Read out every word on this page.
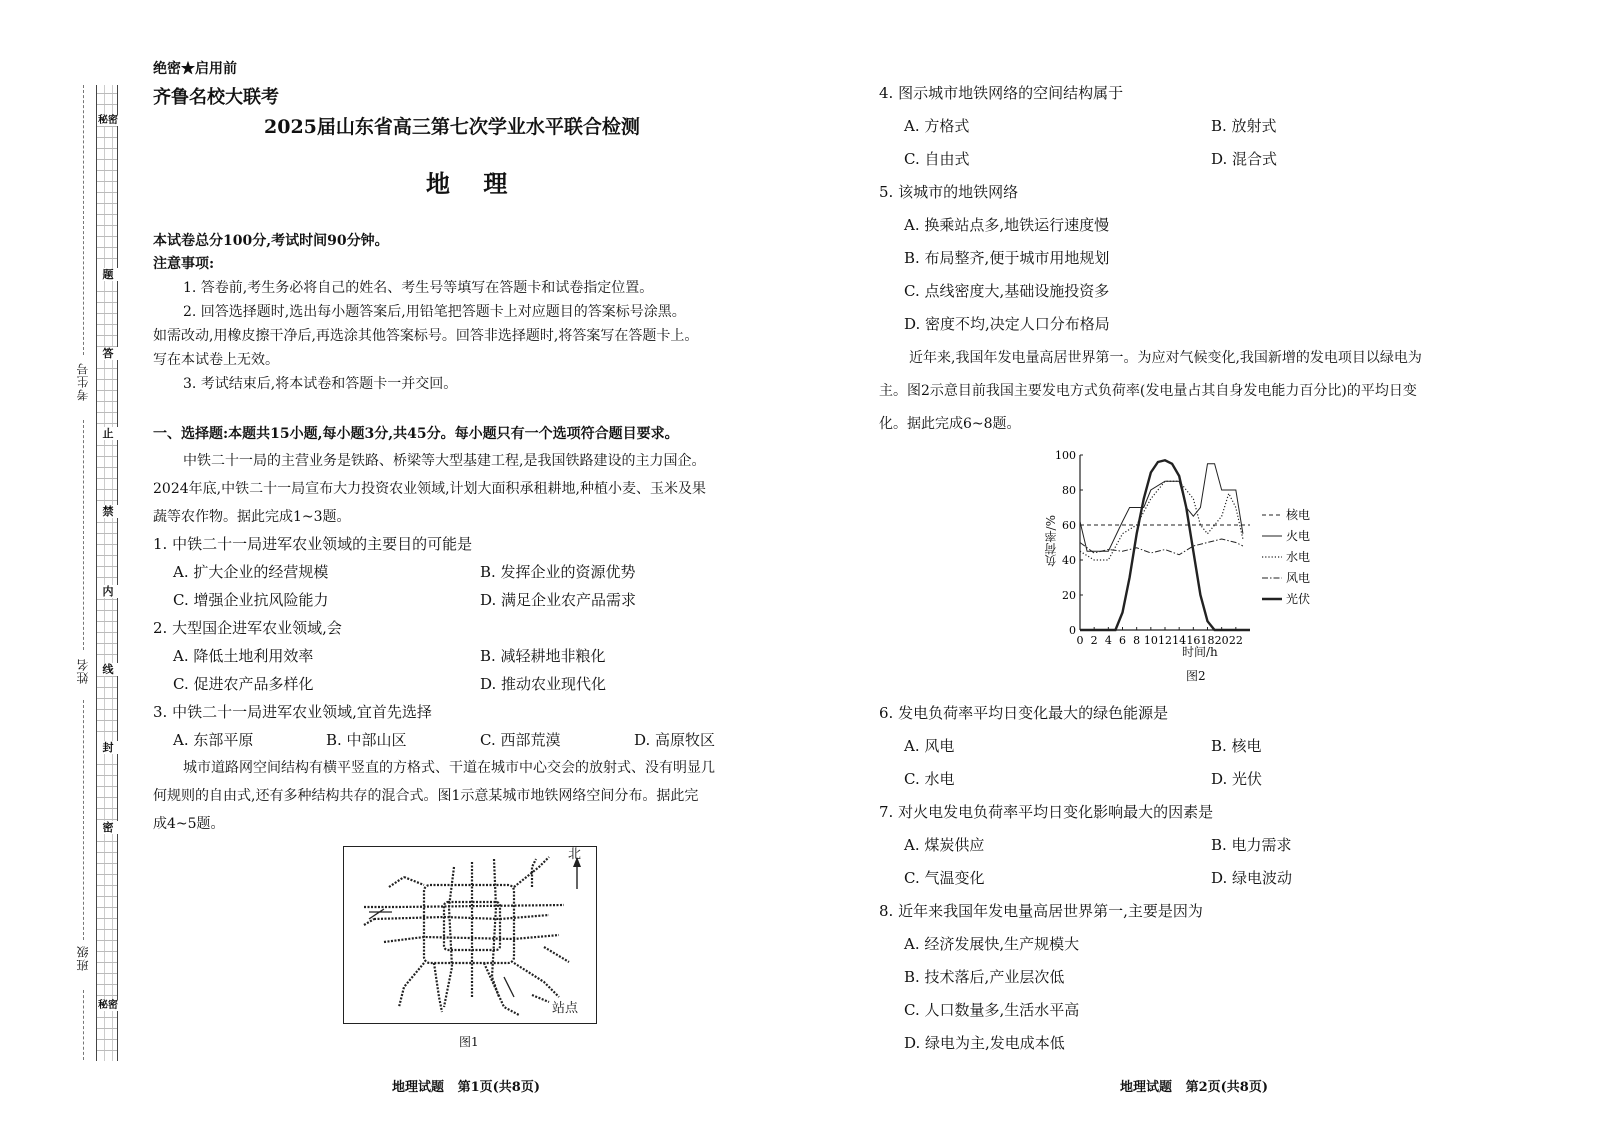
秘密
题
答
止
禁
内
线
封
密
秘密
考生号
姓名
班级
绝密★启用前
齐鲁名校大联考
2025届山东省高三第七次学业水平联合检测
地    理
本试卷总分100分,考试时间90分钟。
注意事项:
1. 答卷前,考生务必将自己的姓名、考生号等填写在答题卡和试卷指定位置。
2. 回答选择题时,选出每小题答案后,用铅笔把答题卡上对应题目的答案标号涂黑。
如需改动,用橡皮擦干净后,再选涂其他答案标号。回答非选择题时,将答案写在答题卡上。
写在本试卷上无效。
3. 考试结束后,将本试卷和答题卡一并交回。
一、选择题:本题共15小题,每小题3分,共45分。每小题只有一个选项符合题目要求。
中铁二十一局的主营业务是铁路、桥梁等大型基建工程,是我国铁路建设的主力国企。
2024年底,中铁二十一局宣布大力投资农业领域,计划大面积承租耕地,种植小麦、玉米及果
蔬等农作物。据此完成1~3题。
1. 中铁二十一局进军农业领域的主要目的可能是
A. 扩大企业的经营规模	B. 发挥企业的资源优势
C. 增强企业抗风险能力	D. 满足企业农产品需求
2. 大型国企进军农业领域,会
A. 降低土地利用效率	B. 减轻耕地非粮化
C. 促进农产品多样化	D. 推动农业现代化
3. 中铁二十一局进军农业领域,宜首先选择
A. 东部平原	B. 中部山区	C. 西部荒漠	D. 高原牧区
城市道路网空间结构有横平竖直的方格式、干道在城市中心交会的放射式、没有明显几
何规则的自由式,还有多种结构共存的混合式。图1示意某城市地铁网络空间分布。据此完
成4~5题。
北
站点
图1
地理试题   第1页(共8页)
4. 图示城市地铁网络的空间结构属于
A. 方格式	B. 放射式
C. 自由式	D. 混合式
5. 该城市的地铁网络
A. 换乘站点多,地铁运行速度慢
B. 布局整齐,便于城市用地规划
C. 点线密度大,基础设施投资多
D. 密度不均,决定人口分布格局
近年来,我国年发电量高居世界第一。为应对气候变化,我国新增的发电项目以绿电为
主。图2示意目前我国主要发电方式负荷率(发电量占其自身发电能力百分比)的平均日变
化。据此完成6~8题。
0
20
40
60
80
100
0 2 4 6 8 10 12 14 16 18 20 22
核电
火电
水电
风电
光伏
负荷率/%
时间/h
图2
6. 发电负荷率平均日变化最大的绿色能源是
A. 风电	B. 核电
C. 水电	D. 光伏
7. 对火电发电负荷率平均日变化影响最大的因素是
A. 煤炭供应	B. 电力需求
C. 气温变化	D. 绿电波动
8. 近年来我国年发电量高居世界第一,主要是因为
A. 经济发展快,生产规模大
B. 技术落后,产业层次低
C. 人口数量多,生活水平高
D. 绿电为主,发电成本低
地理试题   第2页(共8页)
